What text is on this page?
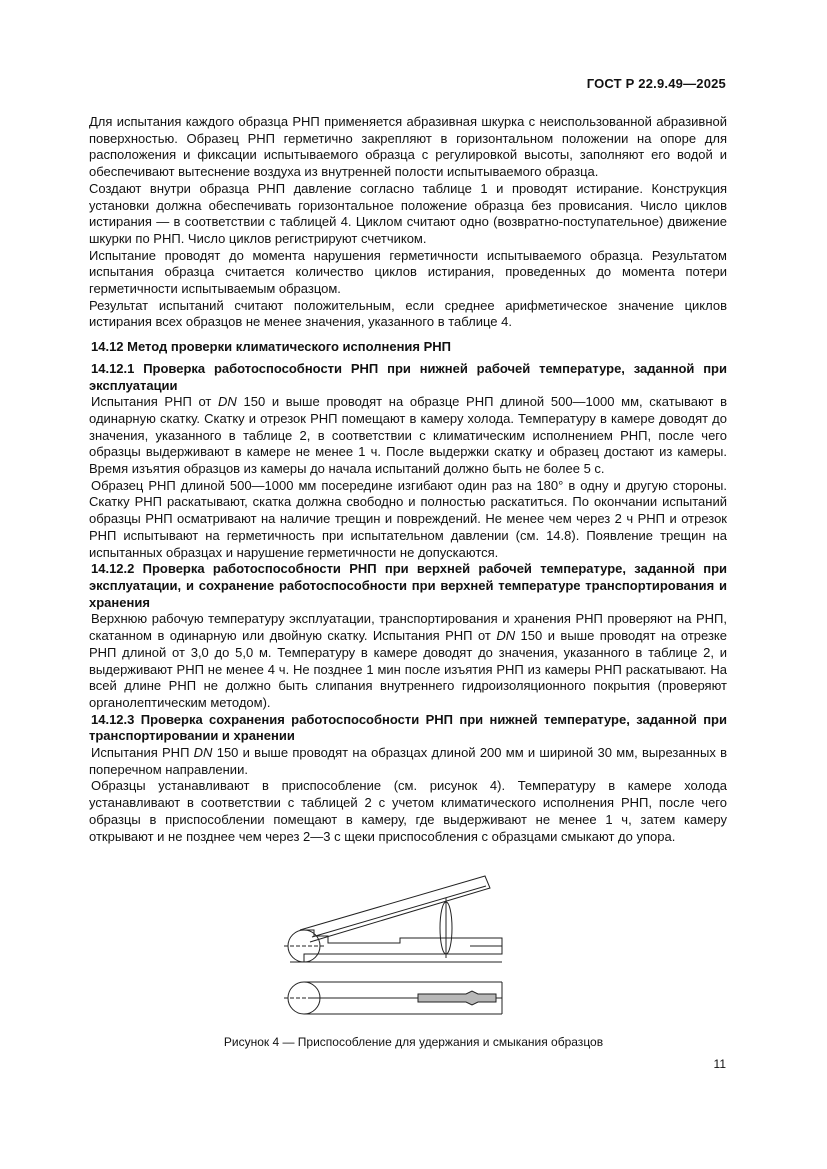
ГОСТ Р 22.9.49—2025

Для испытания каждого образца РНП применяется абразивная шкурка с неиспользованной абразивной поверхностью. Образец РНП герметично закрепляют в горизонтальном положении на опоре для расположения и фиксации испытываемого образца с регулировкой высоты, заполняют его водой и обеспечивают вытеснение воздуха из внутренней полости испытываемого образца.

Создают внутри образца РНП давление согласно таблице 1 и проводят истирание. Конструкция установки должна обеспечивать горизонтальное положение образца без провисания. Число циклов истирания — в соответствии с таблицей 4. Циклом считают одно (возвратно-поступательное) движение шкурки по РНП. Число циклов регистрируют счетчиком.

Испытание проводят до момента нарушения герметичности испытываемого образца. Результатом испытания образца считается количество циклов истирания, проведенных до момента потери герметичности испытываемым образцом.

Результат испытаний считают положительным, если среднее арифметическое значение циклов истирания всех образцов не менее значения, указанного в таблице 4.

14.12 Метод проверки климатического исполнения РНП

14.12.1 Проверка работоспособности РНП при нижней рабочей температуре, заданной при эксплуатации

Испытания РНП от DN 150 и выше проводят на образце РНП длиной 500—1000 мм, скатывают в одинарную скатку. Скатку и отрезок РНП помещают в камеру холода. Температуру в камере доводят до значения, указанного в таблице 2, в соответствии с климатическим исполнением РНП, после чего образцы выдерживают в камере не менее 1 ч. После выдержки скатку и образец достают из камеры. Время изъятия образцов из камеры до начала испытаний должно быть не более 5 с.

Образец РНП длиной 500—1000 мм посередине изгибают один раз на 180° в одну и другую стороны. Скатку РНП раскатывают, скатка должна свободно и полностью раскатиться. По окончании испытаний образцы РНП осматривают на наличие трещин и повреждений. Не менее чем через 2 ч РНП и отрезок РНП испытывают на герметичность при испытательном давлении (см. 14.8). Появление трещин на испытанных образцах и нарушение герметичности не допускаются.

14.12.2 Проверка работоспособности РНП при верхней рабочей температуре, заданной при эксплуатации, и сохранение работоспособности при верхней температуре транспортирования и хранения

Верхнюю рабочую температуру эксплуатации, транспортирования и хранения РНП проверяют на РНП, скатанном в одинарную или двойную скатку. Испытания РНП от DN 150 и выше проводят на отрезке РНП длиной от 3,0 до 5,0 м. Температуру в камере доводят до значения, указанного в таблице 2, и выдерживают РНП не менее 4 ч. Не позднее 1 мин после изъятия РНП из камеры РНП раскатывают. На всей длине РНП не должно быть слипания внутреннего гидроизоляционного покрытия (проверяют органолептическим методом).

14.12.3 Проверка сохранения работоспособности РНП при нижней температуре, заданной при транспортировании и хранении

Испытания РНП DN 150 и выше проводят на образцах длиной 200 мм и шириной 30 мм, вырезанных в поперечном направлении.

Образцы устанавливают в приспособление (см. рисунок 4). Температуру в камере холода устанавливают в соответствии с таблицей 2 с учетом климатического исполнения РНП, после чего образцы в приспособлении помещают в камеру, где выдерживают не менее 1 ч, затем камеру открывают и не позднее чем через 2—3 с щеки приспособления с образцами смыкают до упора.

Рисунок 4 — Приспособление для удержания и смыкания образцов
11
